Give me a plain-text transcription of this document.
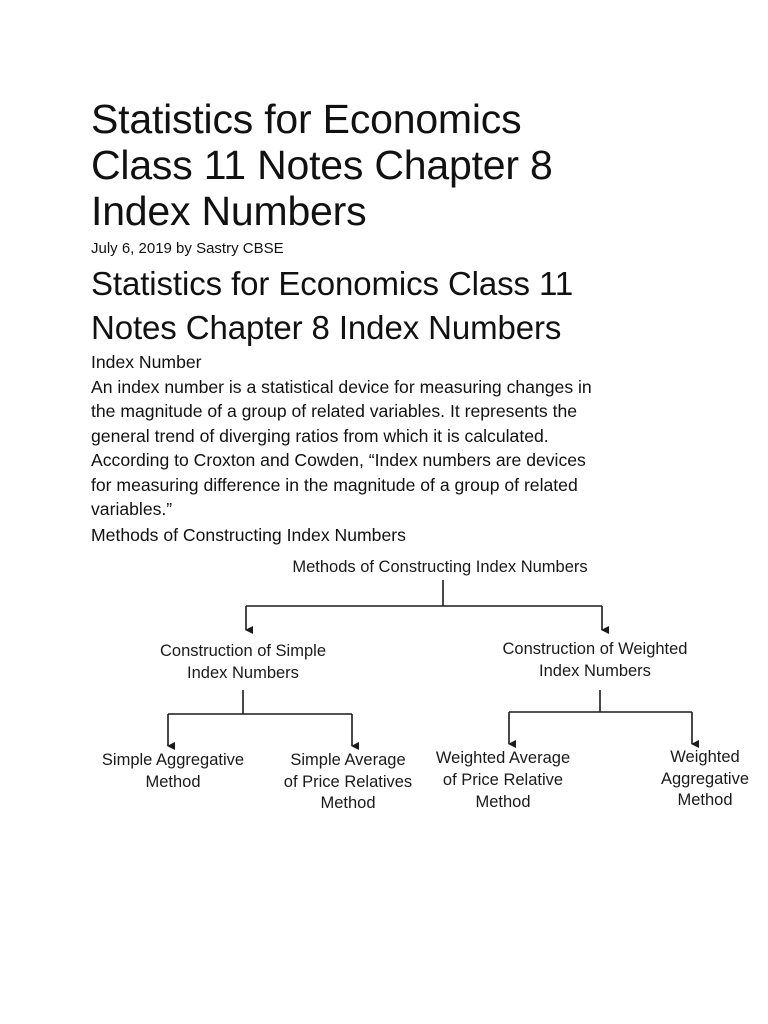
Statistics for Economics
Class 11 Notes Chapter 8
Index Numbers

July 6, 2019 by Sastry CBSE

Statistics for Economics Class 11
Notes Chapter 8 Index Numbers

Index Number

An index number is a statistical device for measuring changes in
the magnitude of a group of related variables. It represents the
general trend of diverging ratios from which it is calculated.
According to Croxton and Cowden, “Index numbers are devices
for measuring difference in the magnitude of a group of related
variables.”

Methods of Constructing Index Numbers

Methods of Constructing Index Numbers
Construction of Simple
Index Numbers
Construction of Weighted
Index Numbers
Simple Aggregative
Method
Simple Average
of Price Relatives
Method
Weighted Average
of Price Relative
Method
Weighted
Aggregative
Method
